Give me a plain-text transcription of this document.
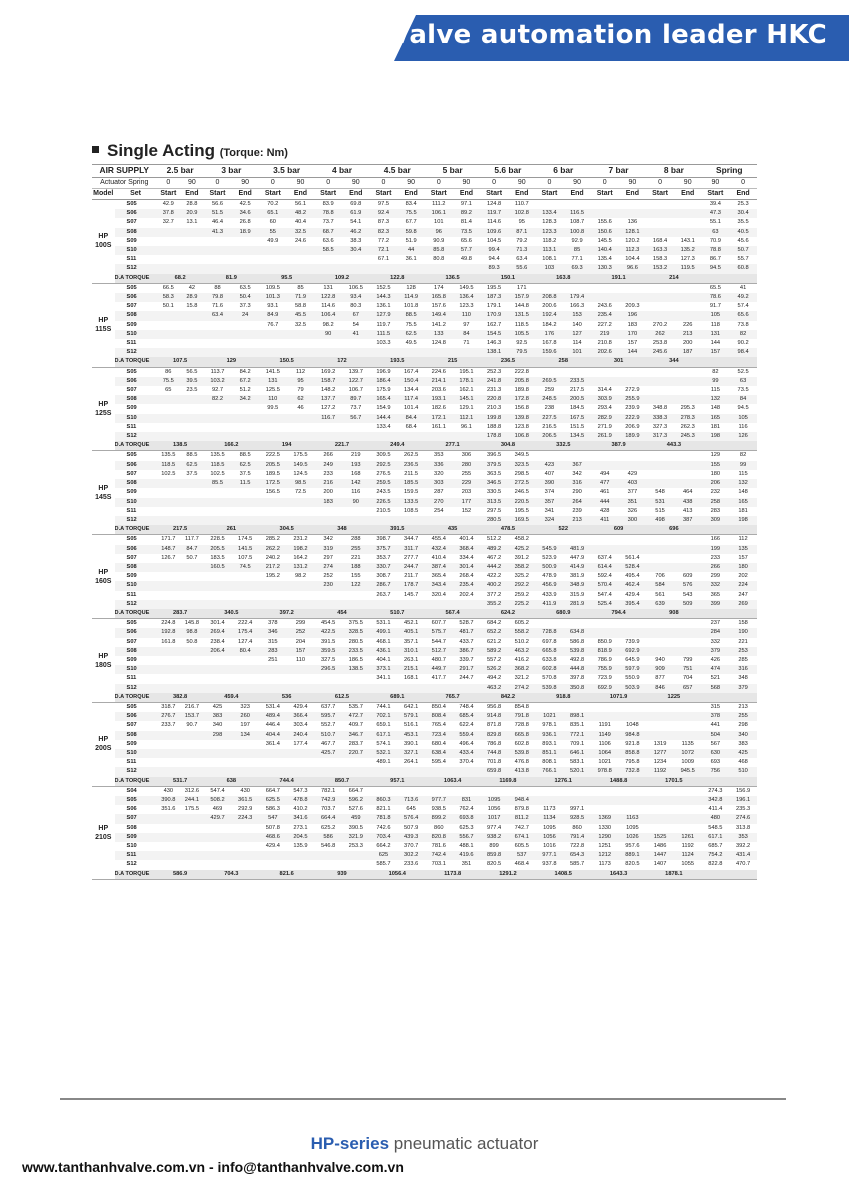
Valve automation leader HKC
Single Acting (Torque: Nm)
AIR SUPPLY		2.5 bar		3 bar		3.5 bar		4 bar		4.5 bar		5 bar		5.6 bar		6 bar		7 bar		8 bar		Spring	
Actuator Spring		0	90	0	90	0	90	0	90	0	90	0	90	0	90	0	90	0	90	0	90	90	0
Model	Set	Start	End	Start	End	Start	End	Start	End	Start	End	Start	End	Start	End	Start	End	Start	End	Start	End	Start	End
HP
100S	S05	42.9	28.8	56.6	42.5	70.2	56.1	83.9	69.8	97.5	83.4	111.2	97.1	124.8	110.7							39.4	25.3
	S06	37.8	20.9	51.5	34.6	65.1	48.2	78.8	61.9	92.4	75.5	106.1	89.2	119.7	102.8	133.4	116.5					47.3	30.4
	S07	32.7	13.1	46.4	26.8	60	40.4	73.7	54.1	87.3	67.7	101	81.4	114.6	95	128.3	108.7	155.6	136			55.1	35.5
	S08			41.3	18.9	55	32.5	68.7	46.2	82.3	59.8	96	73.5	109.6	87.1	123.3	100.8	150.6	128.1			63	40.5
	S09					49.9	24.6	63.6	38.3	77.2	51.9	90.9	65.6	104.5	79.2	118.2	92.9	145.5	120.2	168.4	143.1	70.9	45.6
	S10							58.5	30.4	72.1	44	85.8	57.7	99.4	71.3	113.1	85	140.4	112.3	163.3	135.2	78.8	50.7
	S11									67.1	36.1	80.8	49.8	94.4	63.4	108.1	77.1	135.4	104.4	158.3	127.3	86.7	55.7
	S12													89.3	55.6	103	69.3	130.3	96.6	153.2	119.5	94.5	60.8
	D.A TORQUE	68.2		81.9		95.5		109.2		122.8		136.5		150.1		163.8		191.1		214			
HP
115S	S05	66.5	42	88	63.5	109.5	85	131	106.5	152.5	128	174	149.5	195.5	171							65.5	41
	S06	58.3	28.9	79.8	50.4	101.3	71.9	122.8	93.4	144.3	114.9	165.8	136.4	187.3	157.9	208.8	179.4					78.6	49.2
	S07	50.1	15.8	71.6	37.3	93.1	58.8	114.6	80.3	136.1	101.8	157.6	123.3	179.1	144.8	200.6	166.3	243.6	209.3			91.7	57.4
	S08			63.4	24	84.9	45.5	106.4	67	127.9	88.5	149.4	110	170.9	131.5	192.4	153	235.4	196			105	65.6
	S09					76.7	32.5	98.2	54	119.7	75.5	141.2	97	162.7	118.5	184.2	140	227.2	183	270.2	226	118	73.8
	S10							90	41	111.5	62.5	133	84	154.5	105.5	176	127	219	170	262	213	131	82
	S11									103.3	49.5	124.8	71	146.3	92.5	167.8	114	210.8	157	253.8	200	144	90.2
	S12													138.1	79.5	159.6	101	202.6	144	245.6	187	157	98.4
	D.A TORQUE	107.5		129		150.5		172		193.5		215		236.5		258		301		344			
HP
125S	S05	86	56.5	113.7	84.2	141.5	112	169.2	139.7	196.9	167.4	224.6	195.1	252.3	222.8							82	52.5
	S06	75.5	39.5	103.2	67.2	131	95	158.7	122.7	186.4	150.4	214.1	178.1	241.8	205.8	269.5	233.5					99	63
	S07	65	23.5	92.7	51.2	125.5	79	148.2	106.7	175.9	134.4	203.6	162.1	231.3	189.8	259	217.5	314.4	272.9			115	73.5
	S08			82.2	34.2	110	62	137.7	89.7	165.4	117.4	193.1	145.1	220.8	172.8	248.5	200.5	303.9	255.9			132	84
	S09					99.5	46	127.2	73.7	154.9	101.4	182.6	129.1	210.3	156.8	238	184.5	293.4	239.9	348.8	295.3	148	94.5
	S10							116.7	56.7	144.4	84.4	172.1	112.1	199.8	139.8	227.5	167.5	282.9	222.9	338.3	278.3	165	105
	S11									133.4	68.4	161.1	96.1	188.8	123.8	216.5	151.5	271.9	206.9	327.3	262.3	181	116
	S12													178.8	106.8	206.5	134.5	261.9	189.9	317.3	245.3	198	126
	D.A TORQUE	138.5		166.2		194		221.7		249.4		277.1		304.8		332.5		387.9		443.3			
HP
145S	S05	135.5	88.5	135.5	88.5	222.5	175.5	266	219	309.5	262.5	353	306	396.5	349.5							129	82
	S06	118.5	62.5	118.5	62.5	205.5	149.5	249	193	292.5	236.5	336	280	379.5	323.5	423	367					155	99
	S07	102.5	37.5	102.5	37.5	189.5	124.5	233	168	276.5	211.5	320	255	363.5	298.5	407	342	494	429			180	115
	S08			85.5	11.5	172.5	98.5	216	142	259.5	185.5	303	229	346.5	272.5	390	316	477	403			206	132
	S09					156.5	72.5	200	116	243.5	159.5	287	203	330.5	246.5	374	290	461	377	548	464	232	148
	S10							183	90	226.5	133.5	270	177	313.5	220.5	357	264	444	351	531	438	258	165
	S11									210.5	108.5	254	152	297.5	195.5	341	239	428	326	515	413	283	181
	S12													280.5	169.5	324	213	411	300	498	387	309	198
	D.A TORQUE	217.5		261		304.5		348		391.5		435		478.5		522		609		696			
HP
160S	S05	171.7	117.7	228.5	174.5	285.2	231.2	342	288	398.7	344.7	455.4	401.4	512.2	458.2							166	112
	S06	148.7	84.7	205.5	141.5	262.2	198.2	319	255	375.7	311.7	432.4	368.4	489.2	425.2	545.9	481.9					199	135
	S07	126.7	50.7	183.5	107.5	240.2	164.2	297	221	353.7	277.7	410.4	334.4	467.2	391.2	523.9	447.9	637.4	561.4			233	157
	S08			160.5	74.5	217.2	131.2	274	188	330.7	244.7	387.4	301.4	444.2	358.2	500.9	414.9	614.4	528.4			266	180
	S09					195.2	98.2	252	155	308.7	211.7	365.4	268.4	422.2	325.2	478.9	381.9	592.4	495.4	706	609	299	202
	S10							230	122	286.7	178.7	343.4	235.4	400.2	292.2	456.9	348.9	570.4	462.4	584	576	332	224
	S11									263.7	145.7	320.4	202.4	377.2	259.2	433.9	315.9	547.4	429.4	561	543	365	247
	S12													355.2	225.2	411.9	281.9	525.4	395.4	639	509	399	269
	D.A TORQUE	283.7		340.5		397.2		454		510.7		567.4		624.2		680.9		794.4		908			
HP
180S	S05	224.8	145.8	301.4	222.4	378	299	454.5	375.5	531.1	452.1	607.7	528.7	684.2	605.2							237	158
	S06	192.8	98.8	269.4	175.4	346	252	422.5	328.5	499.1	405.1	575.7	481.7	652.2	558.2	728.8	634.8					284	190
	S07	161.8	50.8	238.4	127.4	315	204	391.5	280.5	468.1	357.1	544.7	433.7	621.2	510.2	697.8	586.8	850.9	739.9			332	221
	S08			206.4	80.4	283	157	359.5	233.5	436.1	310.1	512.7	386.7	589.2	463.2	665.8	539.8	818.9	692.9			379	253
	S09					251	110	327.5	186.5	404.1	263.1	480.7	339.7	557.2	416.2	633.8	492.8	786.9	645.9	940	799	426	285
	S10							296.5	138.5	373.1	215.1	449.7	291.7	526.2	368.2	602.8	444.8	755.9	597.9	909	751	474	316
	S11									341.1	168.1	417.7	244.7	494.2	321.2	570.8	397.8	723.9	550.9	877	704	521	348
	S12													463.2	274.2	539.8	350.8	692.9	503.9	846	657	568	379
	D.A TORQUE	382.8		459.4		536		612.5		689.1		765.7		842.2		918.8		1071.9		1225			
HP
200S	S05	318.7	216.7	425	323	531.4	429.4	637.7	535.7	744.1	642.1	850.4	748.4	956.8	854.8							315	213
	S06	276.7	153.7	383	260	489.4	366.4	595.7	472.7	702.1	579.1	808.4	685.4	914.8	791.8	1021	898.1					378	255
	S07	233.7	90.7	340	197	446.4	303.4	552.7	409.7	659.1	516.1	765.4	622.4	871.8	728.8	978.1	835.1	1191	1048			441	298
	S08			298	134	404.4	240.4	510.7	346.7	617.1	453.1	723.4	559.4	829.8	665.8	936.1	772.1	1149	984.8			504	340
	S09					361.4	177.4	467.7	283.7	574.1	390.1	680.4	496.4	786.8	602.8	893.1	709.1	1106	921.8	1319	1135	567	383
	S10							425.7	220.7	532.1	327.1	638.4	433.4	744.8	539.8	851.1	646.1	1064	858.8	1277	1072	630	425
	S11									489.1	264.1	595.4	370.4	701.8	476.8	808.1	583.1	1021	795.8	1234	1009	693	468
	S12													659.8	413.8	766.1	520.1	978.8	732.8	1192	945.5	756	510
	D.A TORQUE	531.7		638		744.4		850.7		957.1		1063.4		1169.8		1276.1		1488.8		1701.5			
HP
210S	S04	430	312.6	547.4	430	664.7	547.3	782.1	664.7													274.3	156.9
	S05	390.8	244.1	508.2	361.5	625.5	478.8	742.9	596.2	860.3	713.6	977.7	831	1095	948.4							342.8	196.1
	S06	351.6	175.5	469	292.9	586.3	410.2	703.7	527.6	821.1	645	938.5	762.4	1056	879.8	1173	997.1					411.4	235.3
	S07			429.7	224.3	547	341.6	664.4	459	781.8	576.4	899.2	693.8	1017	811.2	1134	928.5	1369	1163			480	274.6
	S08					507.8	273.1	625.2	390.5	742.6	507.9	860	625.3	977.4	742.7	1095	860	1330	1095			548.5	313.8
	S09					468.6	204.5	586	321.9	703.4	439.3	820.8	556.7	938.2	674.1	1056	791.4	1290	1026	1525	1261	617.1	353
	S10					429.4	135.9	546.8	253.3	664.2	370.7	781.6	488.1	899	605.5	1016	722.8	1251	957.6	1486	1192	685.7	392.2
	S11									625	302.2	742.4	419.6	859.8	537	977.1	654.3	1212	889.1	1447	1124	754.2	431.4
	S12									585.7	233.6	703.1	351	820.5	468.4	937.8	585.7	1173	820.5	1407	1055	822.8	470.7
	D.A TORQUE	586.9		704.3		821.6		939		1056.4		1173.8		1291.2		1408.5		1643.3		1878.1			
HP-series pneumatic actuator
www.tanthanhvalve.com.vn - info@tanthanhvalve.com.vn
